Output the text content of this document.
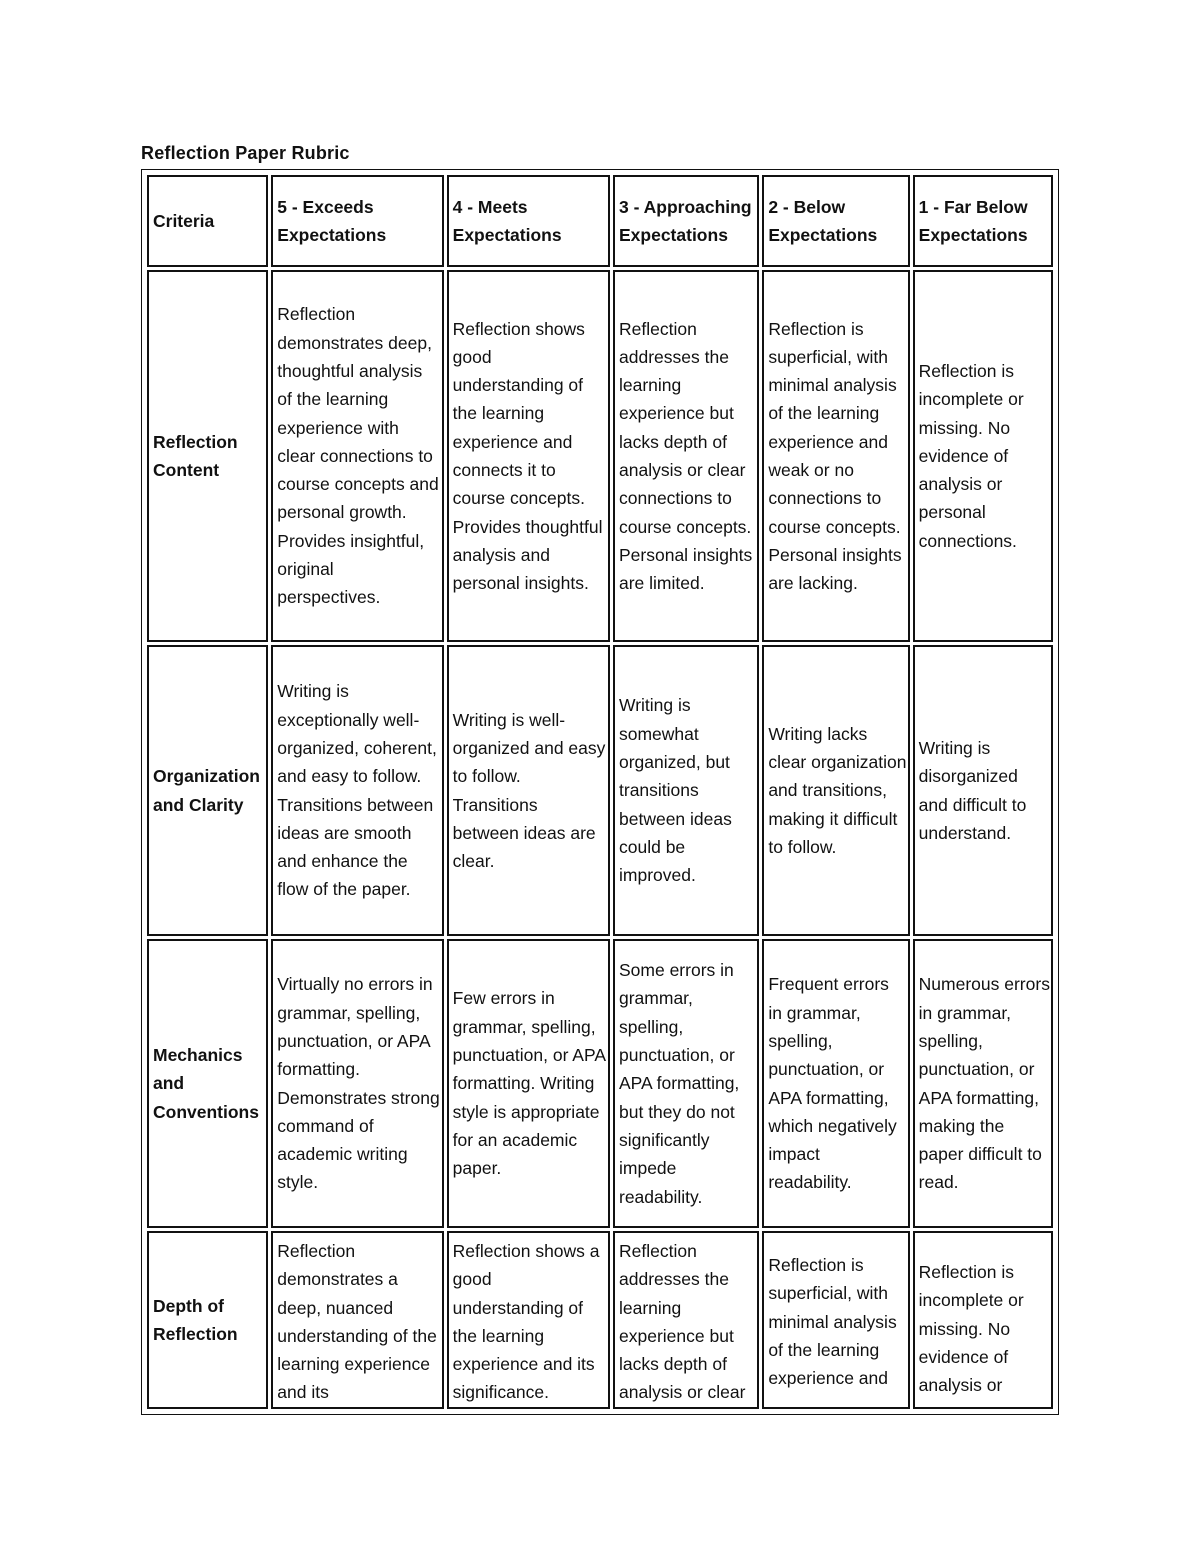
Reflection Paper Rubric
Criteria	5 - Exceeds Expectations	4 - Meets Expectations	3 - Approaching Expectations	2 - Below Expectations	1 - Far Below Expectations
Reflection Content	Reflection demonstrates deep, thoughtful analysis of the learning experience with clear connections to course concepts and personal growth. Provides insightful, original perspectives.	Reflection shows good understanding of the learning experience and connects it to course concepts. Provides thoughtful analysis and personal insights.	Reflection addresses the learning experience but lacks depth of analysis or clear connections to course concepts. Personal insights are limited.	Reflection is superficial, with minimal analysis of the learning experience and weak or no connections to course concepts. Personal insights are lacking.	Reflection is incomplete or missing. No evidence of analysis or personal connections.
Organization and Clarity	Writing is exceptionally well-organized, coherent, and easy to follow. Transitions between ideas are smooth and enhance the flow of the paper.	Writing is well-organized and easy to follow. Transitions between ideas are clear.	Writing is somewhat organized, but transitions between ideas could be improved.	Writing lacks clear organization and transitions, making it difficult to follow.	Writing is disorganized and difficult to understand.
Mechanics and Conventions	Virtually no errors in grammar, spelling, punctuation, or APA formatting. Demonstrates strong command of academic writing style.	Few errors in grammar, spelling, punctuation, or APA formatting. Writing style is appropriate for an academic paper.	Some errors in grammar, spelling, punctuation, or APA formatting, but they do not significantly impede readability.	Frequent errors in grammar, spelling, punctuation, or APA formatting, which negatively impact readability.	Numerous errors in grammar, spelling, punctuation, or APA formatting, making the paper difficult to read.
Depth of Reflection	Reflection demonstrates a deep, nuanced understanding of the learning experience and its	Reflection shows a good understanding of the learning experience and its significance.	Reflection addresses the learning experience but lacks depth of analysis or clear	Reflection is superficial, with minimal analysis of the learning experience and	Reflection is incomplete or missing. No evidence of analysis or
